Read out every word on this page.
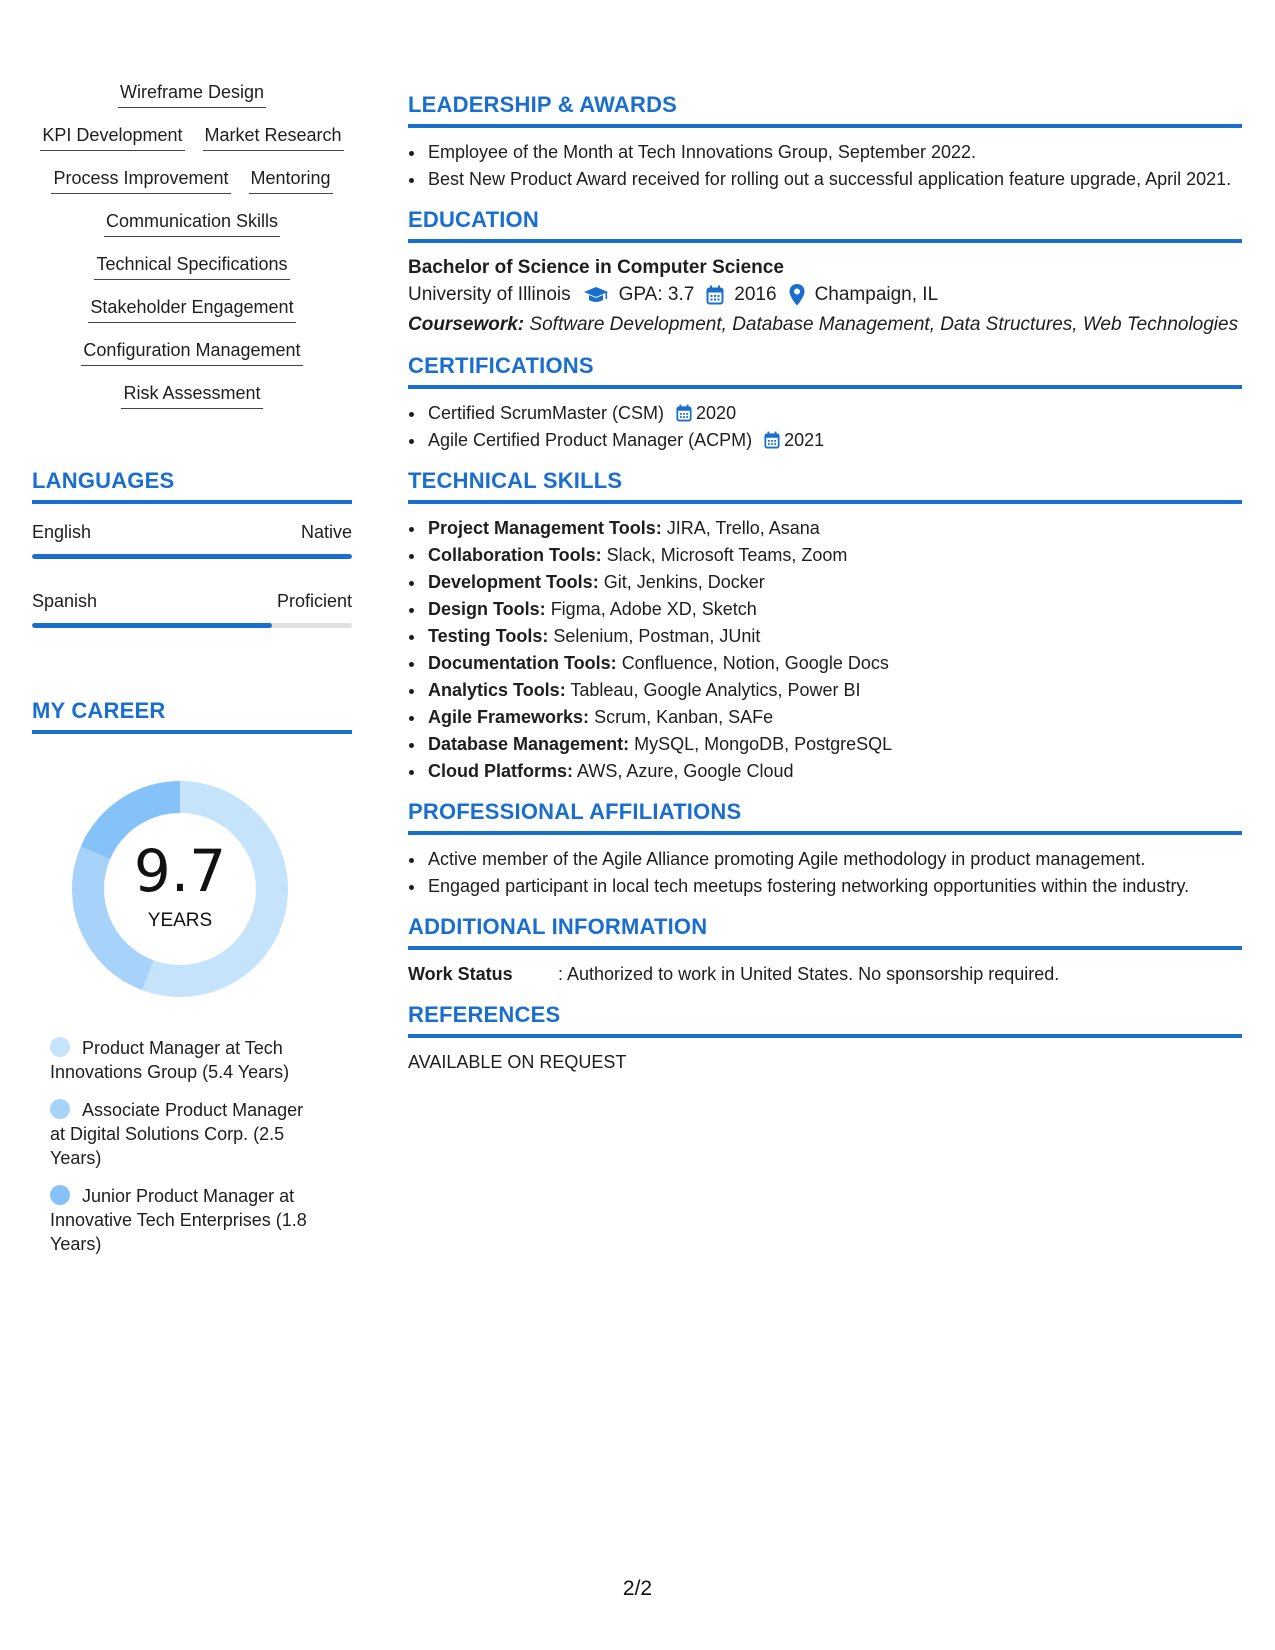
Wireframe Design
KPI Development Market Research
Process Improvement Mentoring
Communication Skills
Technical Specifications
Stakeholder Engagement
Configuration Management
Risk Assessment
LANGUAGES
English	Native
Spanish	Proficient
MY CAREER
9.7
YEARS
Product Manager at Tech Innovations Group (5.4 Years)
Associate Product Manager at Digital Solutions Corp. (2.5 Years)
Junior Product Manager at Innovative Tech Enterprises (1.8 Years)
LEADERSHIP & AWARDS
• Employee of the Month at Tech Innovations Group, September 2022.
• Best New Product Award received for rolling out a successful application feature upgrade, April 2021.
EDUCATION
Bachelor of Science in Computer Science
University of Illinois	GPA: 3.7 2016 Champaign, IL
Coursework: Software Development, Database Management, Data Structures, Web Technologies
CERTIFICATIONS
• Certified ScrumMaster (CSM) 2020
• Agile Certified Product Manager (ACPM) 2021
TECHNICAL SKILLS
• Project Management Tools: JIRA, Trello, Asana
• Collaboration Tools: Slack, Microsoft Teams, Zoom
• Development Tools: Git, Jenkins, Docker
• Design Tools: Figma, Adobe XD, Sketch
• Testing Tools: Selenium, Postman, JUnit
• Documentation Tools: Confluence, Notion, Google Docs
• Analytics Tools: Tableau, Google Analytics, Power BI
• Agile Frameworks: Scrum, Kanban, SAFe
• Database Management: MySQL, MongoDB, PostgreSQL
• Cloud Platforms: AWS, Azure, Google Cloud
PROFESSIONAL AFFILIATIONS
• Active member of the Agile Alliance promoting Agile methodology in product management.
• Engaged participant in local tech meetups fostering networking opportunities within the industry.
ADDITIONAL INFORMATION
Work Status	: Authorized to work in United States. No sponsorship required.
REFERENCES
AVAILABLE ON REQUEST
2/2
